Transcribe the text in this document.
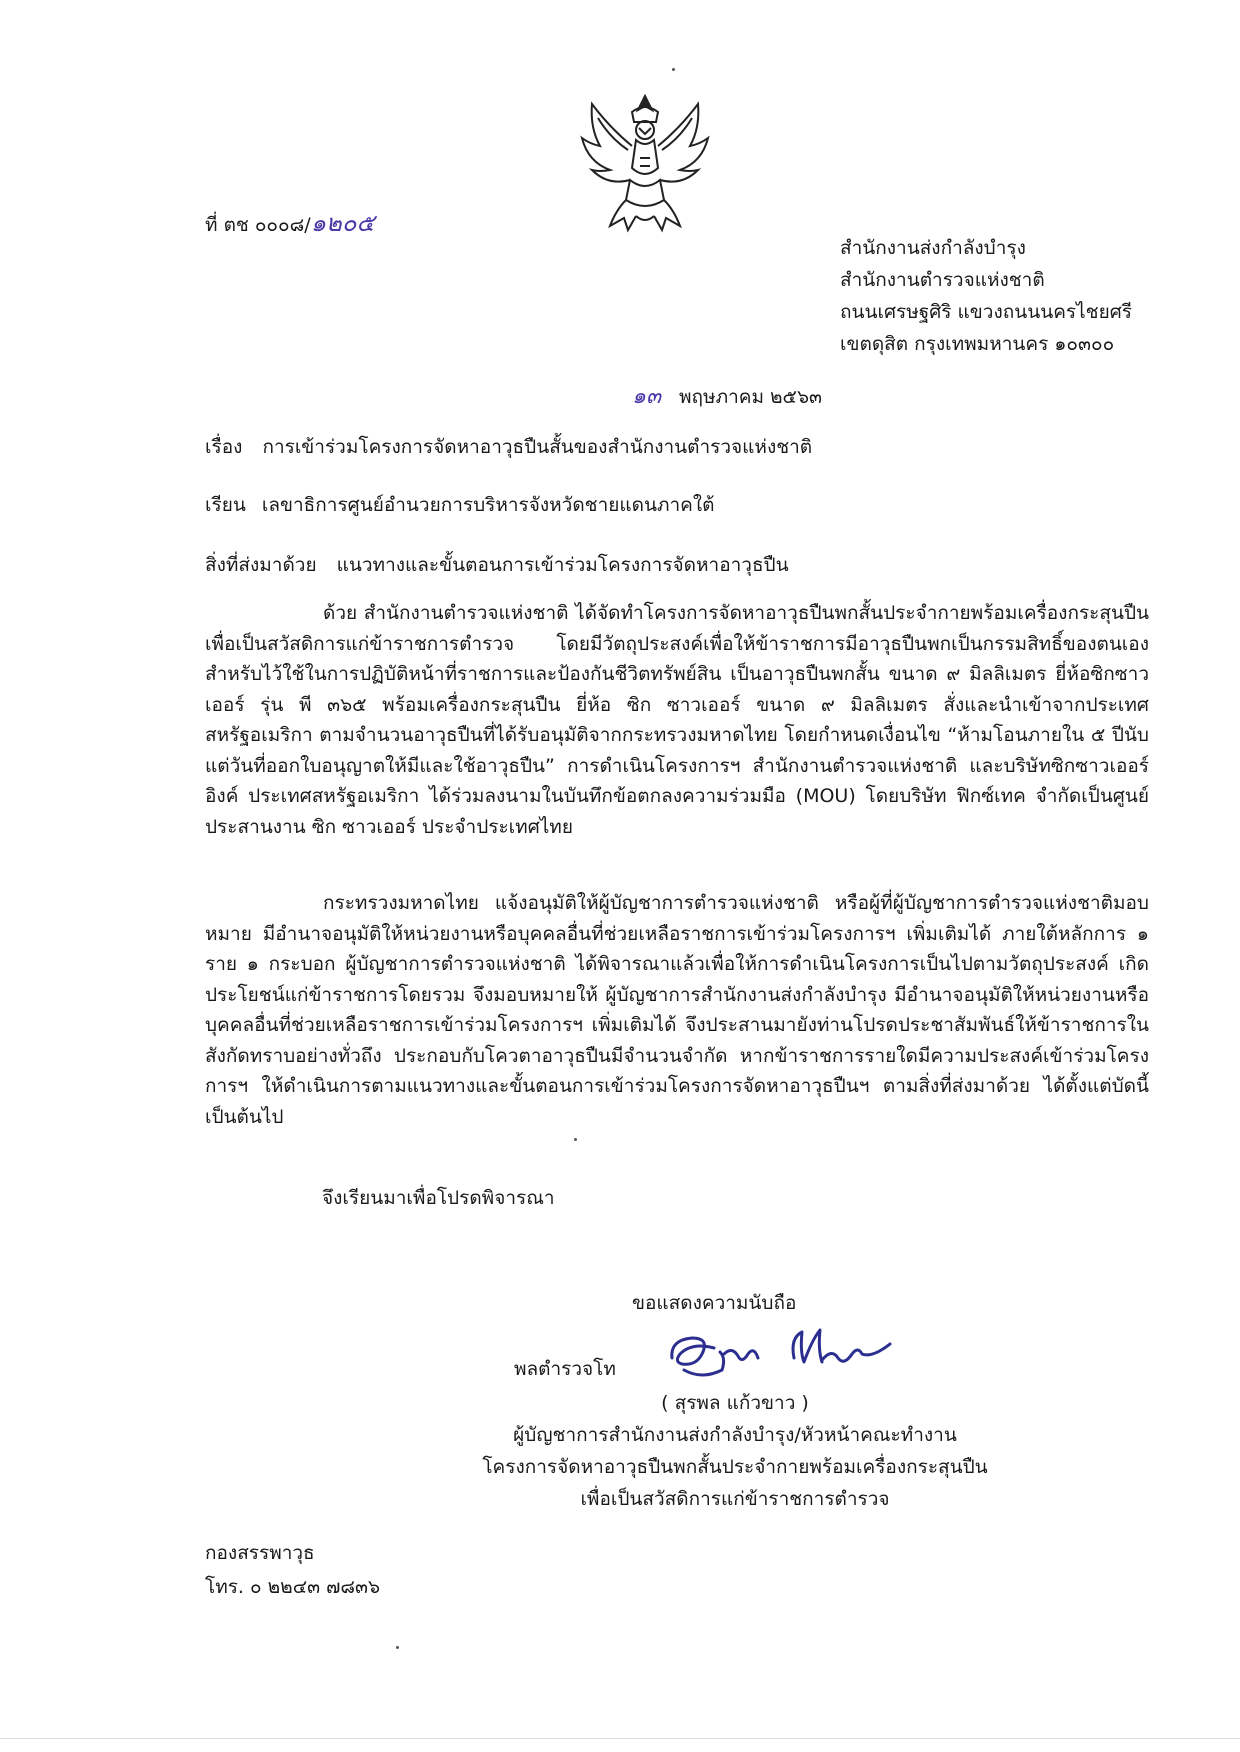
ที่ ตช ๐๐๐๘/๑๒๐๕
สำนักงานส่งกำลังบำรุง
สำนักงานตำรวจแห่งชาติ
ถนนเศรษฐศิริ แขวงถนนนครไชยศรี
เขตดุสิต กรุงเทพมหานคร ๑๐๓๐๐
๑๓ พฤษภาคม ๒๕๖๓
เรื่อง การเข้าร่วมโครงการจัดหาอาวุธปืนสั้นของสำนักงานตำรวจแห่งชาติ
เรียน เลขาธิการศูนย์อำนวยการบริหารจังหวัดชายแดนภาคใต้
สิ่งที่ส่งมาด้วย แนวทางและขั้นตอนการเข้าร่วมโครงการจัดหาอาวุธปืน
ด้วย สำนักงานตำรวจแห่งชาติ ได้จัดทำโครงการจัดหาอาวุธปืนพกสั้นประจำกายพร้อมเครื่องกระสุนปืนเพื่อเป็นสวัสดิการแก่ข้าราชการตำรวจ โดยมีวัตถุประสงค์เพื่อให้ข้าราชการมีอาวุธปืนพกเป็นกรรมสิทธิ์ของตนเองสำหรับไว้ใช้ในการปฏิบัติหน้าที่ราชการและป้องกันชีวิตทรัพย์สิน เป็นอาวุธปืนพกสั้น ขนาด ๙ มิลลิเมตร ยี่ห้อซิกซาวเออร์ รุ่น พี ๓๖๕ พร้อมเครื่องกระสุนปืน ยี่ห้อ ซิก ซาวเออร์ ขนาด ๙ มิลลิเมตร สั่งและนำเข้าจากประเทศสหรัฐอเมริกา ตามจำนวนอาวุธปืนที่ได้รับอนุมัติจากกระทรวงมหาดไทย โดยกำหนดเงื่อนไข “ห้ามโอนภายใน ๕ ปีนับแต่วันที่ออกใบอนุญาตให้มีและใช้อาวุธปืน” การดำเนินโครงการฯ สำนักงานตำรวจแห่งชาติ และบริษัทซิกซาวเออร์ อิงค์ ประเทศสหรัฐอเมริกา ได้ร่วมลงนามในบันทึกข้อตกลงความร่วมมือ (MOU) โดยบริษัท ฟิกซ์เทค จำกัดเป็นศูนย์ประสานงาน ซิก ซาวเออร์ ประจำประเทศไทย
กระทรวงมหาดไทย แจ้งอนุมัติให้ผู้บัญชาการตำรวจแห่งชาติ หรือผู้ที่ผู้บัญชาการตำรวจแห่งชาติมอบหมาย มีอำนาจอนุมัติให้หน่วยงานหรือบุคคลอื่นที่ช่วยเหลือราชการเข้าร่วมโครงการฯ เพิ่มเติมได้ ภายใต้หลักการ ๑ ราย ๑ กระบอก ผู้บัญชาการตำรวจแห่งชาติ ได้พิจารณาแล้วเพื่อให้การดำเนินโครงการเป็นไปตามวัตถุประสงค์ เกิดประโยชน์แก่ข้าราชการโดยรวม จึงมอบหมายให้ ผู้บัญชาการสำนักงานส่งกำลังบำรุง มีอำนาจอนุมัติให้หน่วยงานหรือบุคคลอื่นที่ช่วยเหลือราชการเข้าร่วมโครงการฯ เพิ่มเติมได้ จึงประสานมายังท่านโปรดประชาสัมพันธ์ให้ข้าราชการในสังกัดทราบอย่างทั่วถึง ประกอบกับโควตาอาวุธปืนมีจำนวนจำกัด หากข้าราชการรายใดมีความประสงค์เข้าร่วมโครงการฯ ให้ดำเนินการตามแนวทางและขั้นตอนการเข้าร่วมโครงการจัดหาอาวุธปืนฯ ตามสิ่งที่ส่งมาด้วย ได้ตั้งแต่บัดนี้เป็นต้นไป
จึงเรียนมาเพื่อโปรดพิจารณา
ขอแสดงความนับถือ
พลตำรวจโท
( สุรพล แก้วขาว )
ผู้บัญชาการสำนักงานส่งกำลังบำรุง/หัวหน้าคณะทำงาน
โครงการจัดหาอาวุธปืนพกสั้นประจำกายพร้อมเครื่องกระสุนปืน
เพื่อเป็นสวัสดิการแก่ข้าราชการตำรวจ
กองสรรพาวุธ
โทร. ๐ ๒๒๔๓ ๗๘๓๖
